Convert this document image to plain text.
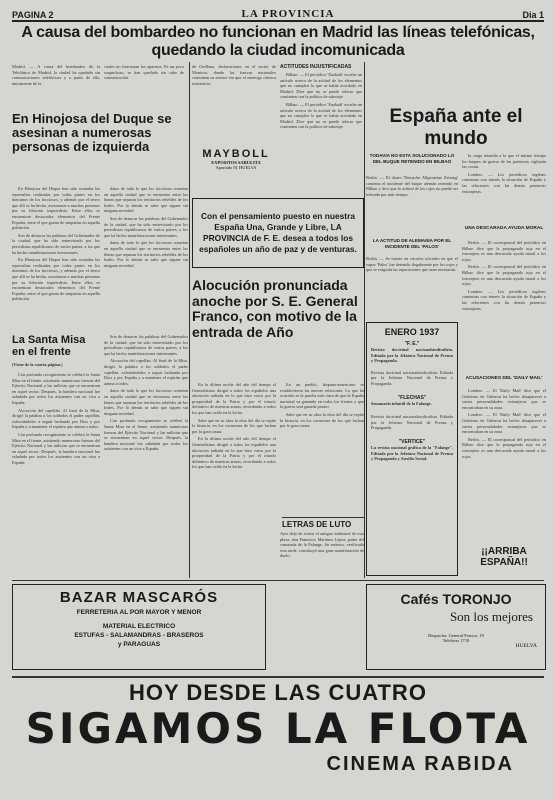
PAGINA 2	LA PROVINCIA	Dia 1
A causa del bombardeo no funcionan en Madrid las líneas telefónicas,
quedando la ciudad incomunicada
Madrid. — A causa del bombardeo de la Telefónica de Madrid, la ciudad ha quedado sin comunicaciones telefónicas y a partir de ella, únicamente de la
cuales no funcionan los aparatos. Es un poco sospechoso, se han quedado sin cabo de comunicación.
En Hinojosa del Duque se asesinan a numerosas personas de izquierda

En Hinojosa del Duque han sido tomadas las represalias realizadas por todas partes en los dominios de los facciosos, y además por el terror que allí se ha hecho, asesinaron a muchas personas por su filiación izquierdista. Entre ellos se encuentran destacados elementos del Frente Popular, entre el que gozan de simpatías en aquella población.

Son de destacar las palabras del Gobernador de la ciudad, que ha sido entrevistado por los periodistas republicanos de varios países, a los que ha hecho manifestaciones interesantes.

En Hinojosa del Duque han sido tomadas las represalias realizadas por todas partes en los dominios de los facciosos, y además por el terror que allí se ha hecho, asesinaron a muchas personas por su filiación izquierdista. Entre ellos se encuentran destacados elementos del Frente Popular, entre el que gozan de simpatías en aquella población.

datos de todo lo que los facciosos cometen en aquella ciudad que se encuentra entre las líneas que separan los territorios rebeldes de los leales. Por lo demás se sabe que siguen sin ninguna novedad.

Son de destacar las palabras del Gobernador de la ciudad, que ha sido entrevistado por los periodistas republicanos de varios países, a los que ha hecho manifestaciones interesantes.

datos de todo lo que los facciosos cometen en aquella ciudad que se encuentra entre las líneas que separan los territorios rebeldes de los leales. Por lo demás se sabe que siguen sin ninguna novedad.

La Santa Misa en el frente
(Viene de la cuarta página.)

Con profundo recogimiento se celebró la Santa Misa en el frente, asistiendo numerosas fuerzas del Ejército Nacional y las milicias que se encuentran en aquel sector. Después, la bandera nacional fue saludada por todos los asistentes con un viva a España.

Alocución del capellán. Al final de la Misa, dirigió la palabra a los soldados el padre capellán, exhortándoles a seguir luchando por Dios y por España y a mantener el espíritu que anima a todos.

Con profundo recogimiento se celebró la Santa Misa en el frente, asistiendo numerosas fuerzas del Ejército Nacional y las milicias que se encuentran en aquel sector. Después, la bandera nacional fue saludada por todos los asistentes con un viva a España.

Son de destacar las palabras del Gobernador de la ciudad, que ha sido entrevistado por los periodistas republicanos de varios países, a los que ha hecho manifestaciones interesantes.

Alocución del capellán. Al final de la Misa, dirigió la palabra a los soldados el padre capellán, exhortándoles a seguir luchando por Dios y por España y a mantener el espíritu que anima a todos.

datos de todo lo que los facciosos cometen en aquella ciudad que se encuentra entre las líneas que separan los territorios rebeldes de los leales. Por lo demás se sabe que siguen sin ninguna novedad.

Con profundo recogimiento se celebró la Santa Misa en el frente, asistiendo numerosas fuerzas del Ejército Nacional y las milicias que se encuentran en aquel sector. Después, la bandera nacional fue saludada por todos los asistentes con un viva a España.

de Orellana, declaraciones en el sector de Montoro, donde las fuerzas nacionales continúan su avance sin que el enemigo ofrezca resistencia.
ACTITUDES INJUSTIFICADAS

Bilbao. — El periódico 'Euzkadi' escribe un artículo acerca de la actitud de los elementos que no cumplen lo que se había acordado en Madrid. Dice que no se puede tolerar que continúen con la política de sabotaje.

Bilbao. — El periódico 'Euzkadi' escribe un artículo acerca de la actitud de los elementos que no cumplen lo que se había acordado en Madrid. Dice que no se puede tolerar que continúen con la política de sabotaje.

MAYBOLL
EXPOSITOS SABULITA
Apartado 81 HUELVA
Con el pensamiento puesto en nuestra España Una, Grande y Libre, LA PROVINCIA de F. E. desea a todos los españoles un año de paz y de venturas.
Alocución pronunciada anoche por S. E. General Franco, con motivo de la entrada de Año

En la última noche del año del tiempo el Generalísimo dirigió a todos los españoles una alocución radiada en la que hizo votos por la prosperidad de la Patria y por el triunfo definitivo de nuestras armas, recordando a todos los que han caído en la lucha.

Sabe que en su obra la obra del día se repite la historia, en los corazones de los que luchan por la gran causa.

En la última noche del año del tiempo el Generalísimo dirigió a todos los españoles una alocución radiada en la que hizo votos por la prosperidad de la Patria y por el triunfo definitivo de nuestras armas, recordando a todos los que han caído en la lucha.

En un pueblo, hispano-americano se establecieron las nuevas relaciones. Lo que ha ocurrido es la prueba más clara de que la España nacional va ganando en todos los frentes y que la guerra será ganada pronto.

Sabe que en su obra la obra del día se repite la historia, en los corazones de los que luchan por la gran causa.

LETRAS DE LUTO
Ayer dejó de existir el antiguo industrial de esta plaza, don Francisco Martínez López, padre del camarada de la Falange. Su entierro, verificado esta tarde, constituyó una gran manifestación de duelo.
España ante el mundo
TODAVIA NO ESTA SOLUCIONADO LO DEL BUQUE RETENIDO EN BILBAO
Berlín. — El diario 'Deutsche Allgemeine Zeitung' comenta el incidente del buque alemán retenido en Bilbao y dice que la actitud de los rojos no puede ser tolerada por más tiempo.
LA ACTITUD DE ALEMANIA POR EL INCIDENTE DEL 'PALOS'
Berlín. — Se insiste en círculos oficiales en que el vapor 'Palos' fue detenido ilegalmente por los rojos y que se exigirán las reparaciones que sean necesarias.

la carga retenida a la que el mismo tiempo los buques de guerra de las potencias vigilarán las costas.

Londres. — Los periódicos ingleses comentan con interés la situación de España y las relaciones con las demás potencias extranjeras.

ENERO 1937
"F. E."
Revista doctrinal nacionalsindicalista. Editada por la Jefatura Nacional de Prensa y Propaganda.
Revista doctrinal nacionalsindicalista. Editada por la Jefatura Nacional de Prensa y Propaganda.
"FLECHAS"
Semanario infantil de la Falange.
Revista doctrinal nacionalsindicalista. Editada por la Jefatura Nacional de Prensa y Propaganda.
"VERTICE"
La revista nacional gráfica de la "Falange". Editada por la Jefatura Nacional de Prensa y Propaganda y Auxilio Social.
UNA DESCARADA AYUDA MORAL

Berlín. — El corresponsal del periódico en Bilbao dice que la propaganda roja en el extranjero es una descarada ayuda moral a los rojos.

Berlín. — El corresponsal del periódico en Bilbao dice que la propaganda roja en el extranjero es una descarada ayuda moral a los rojos.

Londres. — Los periódicos ingleses comentan con interés la situación de España y las relaciones con las demás potencias extranjeras.

ACUSACIONES DEL 'DAILY MAIL'

Londres. — El 'Daily Mail' dice que el Gobierno de Valencia ha hecho desaparecer a varias personalidades extranjeras que se encontraban en su zona.

Londres. — El 'Daily Mail' dice que el Gobierno de Valencia ha hecho desaparecer a varias personalidades extranjeras que se encontraban en su zona.

Berlín. — El corresponsal del periódico en Bilbao dice que la propaganda roja en el extranjero es una descarada ayuda moral a los rojos.

¡¡ARRIBA ESPAÑA!!
BAZAR MASCARÓS
FERRETERIA AL POR MAYOR Y MENOR
MATERIAL ELECTRICO
ESTUFAS - SALAMANDRAS - BRASEROS
y PARAGUAS
Cafés TORONJO
Son los mejores
Despacho: General Franco, 19
Teléfono 1718
HUELVA
HOY DESDE LAS CUATRO
SIGAMOS LA FLOTA
CINEMA RABIDA
